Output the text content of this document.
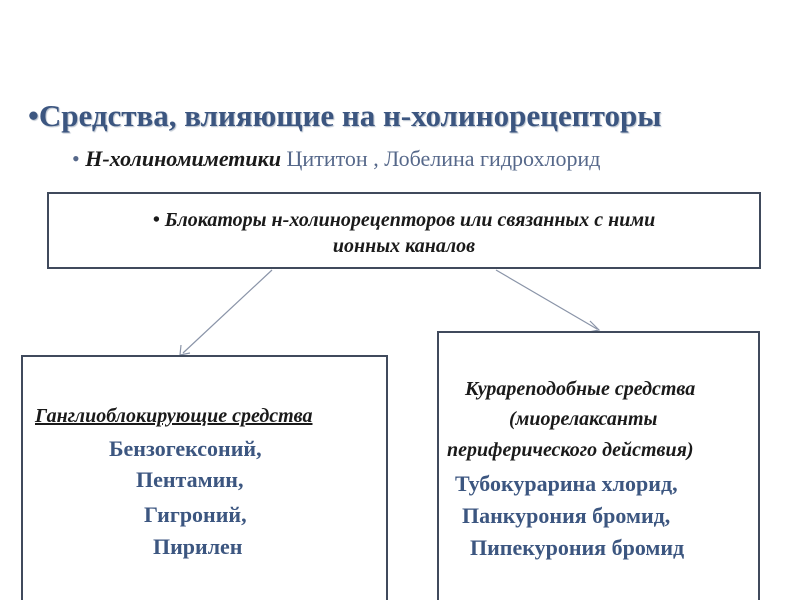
•Средства, влияющие на н-холинорецепторы
• Н-холиномиметики Цититон , Лобелина гидрохлорид
• Блокаторы н-холинорецепторов или связанных с ними
ионных каналов
Ганглиоблокирующие средства
Бензогексоний,
Пентамин,
Гигроний,
Пирилен
Курареподобные средства
(миорелаксанты
периферического действия)
Тубокурарина хлорид,
Панкурония бромид,
Пипекурония бромид
